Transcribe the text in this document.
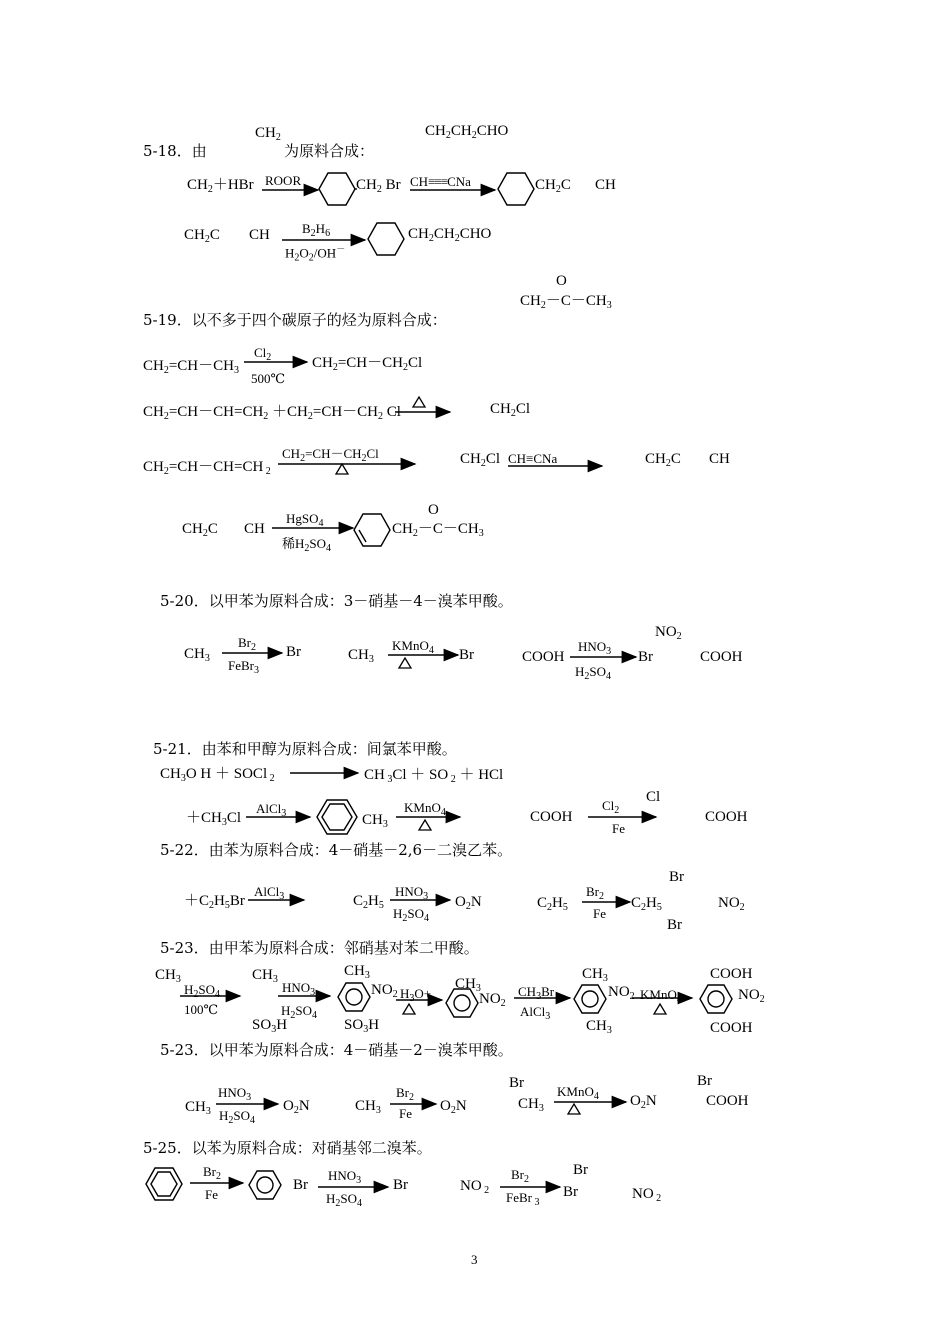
5-18．由	为原料合成：
5-19．以不多于四个碳原子的烃为原料合成：
5-20．以甲苯为原料合成：3－硝基－4－溴苯甲酸。
5-21．由苯和甲醇为原料合成：间氯苯甲酸。
5-22．由苯为原料合成：4－硝基－2,6－二溴乙苯。
5-23．由甲苯为原料合成：邻硝基对苯二甲酸。
5-23．以甲苯为原料合成：4－硝基－2－溴苯甲酸。
5-25．以苯为原料合成：对硝基邻二溴苯。
$CH_2$	$CH_2CH_2CHO$
$CH_2+HBr$ ROOR	$CH_2$ Br CH≡≡≡CNa	$CH_2C$ CH
$CH_2C$ CH $B_2H_6$
$H_2O_2/OH^-$
$CH_2CH_2CHO$
O
$CH_2-C-CH_3$
$CH_2=CH-CH_3$
$Cl_2$
500℃
$CH_2=CH-CH_2Cl$
$CH_2=CH-CH=CH_2 +CH_2=CH-CH_2$ Cl	$CH_2Cl$
$CH_2=CH-CH=CH$ $_2$
$CH_2=CH-CH_2Cl$	$CH_2Cl$ CH≡CNa	$CH_2C$ CH
$CH_2C$ CH
HgSO$_4$
稀$H_2SO_4$
O
$CH_2-C-CH_3$
$CH_3$
$Br_2$
FeBr$_3$
Br	$CH_3$
KMnO$_4$ Br	COOH
$HNO_3$
$H_2SO_4$
Br
$NO_2$
COOH
$CH_3O$ H ＋ SOCl $_2$	CH $_3$Cl ＋ SO $_2$ ＋ HCl
$+CH_3Cl$
AlCl$_3$	$CH_3$
KMnO$_4$	COOH
$Cl_2$
Fe
Cl
COOH
$+C_2H_5Br$
AlCl$_3$	$C_2H_5$
$HNO_3$
$H_2SO_4$
$O_2N$	$C_2H_5$
$Br_2$
Fe
$C_2H_5$
Br
Br
$NO_2$
$CH_3$
$H_2SO_4$
100℃
$CH_3$
$SO_3H$
$HNO_3$
$H_2SO_4$
$CH_3$
$NO_2$
$SO_3H$
$H_3O+$
$CH_3$
$NO_2$
$CH_3Br$
AlCl$_3$
$CH_3$
$NO_2$
$CH_3$
KMnO$_4$
COOH
$NO_2$
COOH
$CH_3$
$HNO_3$
$H_2SO_4$
$O_2N$	$CH_3$
$Br_2$
Fe $O_2N$
Br
$CH_3$
KMnO$_4$ $O_2N$
Br
COOH
$Br_2$
Fe
Br
$HNO_3$
$H_2SO_4$
Br	NO $_2$
$Br_2$
FeBr $_3$
Br
Br	NO $_2$
3
